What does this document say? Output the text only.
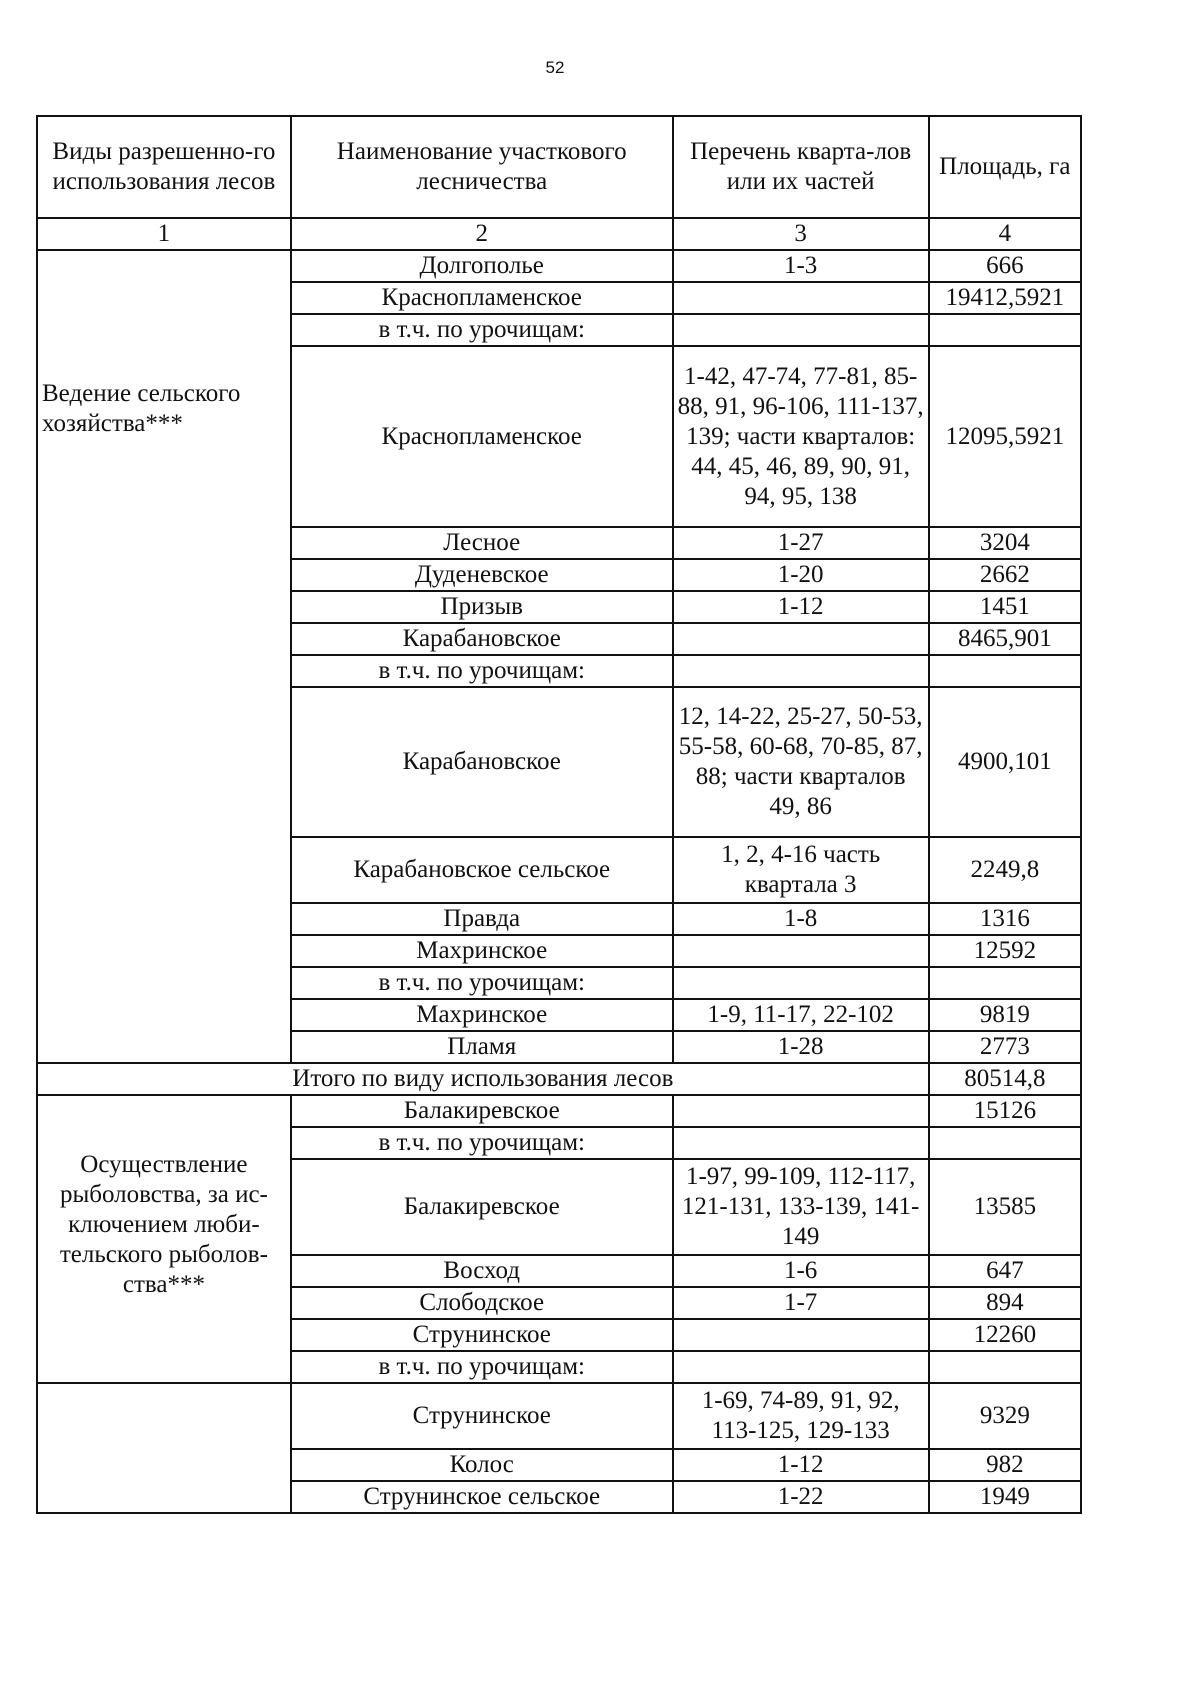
52
Виды разрешенно-го использования лесов	Наименование участкового лесничества	Перечень кварта-лов или их частей	Площадь, га
1	2	3	4

Ведение сельского хозяйства***	Долгополье	1-3	666
	Краснопламенское		19412,5921
	в т.ч. по урочищам:		
	Краснопламенское	1-42, 47-74, 77-81, 85-88, 91, 96-106, 111-137, 139; части кварталов: 44, 45, 46, 89, 90, 91, 94, 95, 138	12095,5921
	Лесное	1-27	3204
	Дуденевское	1-20	2662
	Призыв	1-12	1451
	Карабановское		8465,901
	в т.ч. по урочищам:		
	Карабановское	12, 14-22, 25-27, 50-53, 55-58, 60-68, 70-85, 87, 88; части кварталов 49, 86	4900,101
	Карабановское сельское	1, 2, 4-16 часть квартала 3	2249,8
	Правда	1-8	1316
	Махринское		12592
	в т.ч. по урочищам:		
	Махринское	1-9, 11-17, 22-102	9819
	Пламя	1-28	2773
Итого по виду использования лесов			80514,8

Осуществление рыболовства, за ис-ключением люби-тельского рыболов-ства***	Балакиревское		15126
	в т.ч. по урочищам:		
	Балакиревское	1-97, 99-109, 112-117, 121-131, 133-139, 141-149	13585
	Восход	1-6	647
	Слободское	1-7	894
	Струнинское		12260
	в т.ч. по урочищам:		
	Струнинское	1-69, 74-89, 91, 92, 113-125, 129-133	9329
	Колос	1-12	982
	Струнинское сельское	1-22	1949
